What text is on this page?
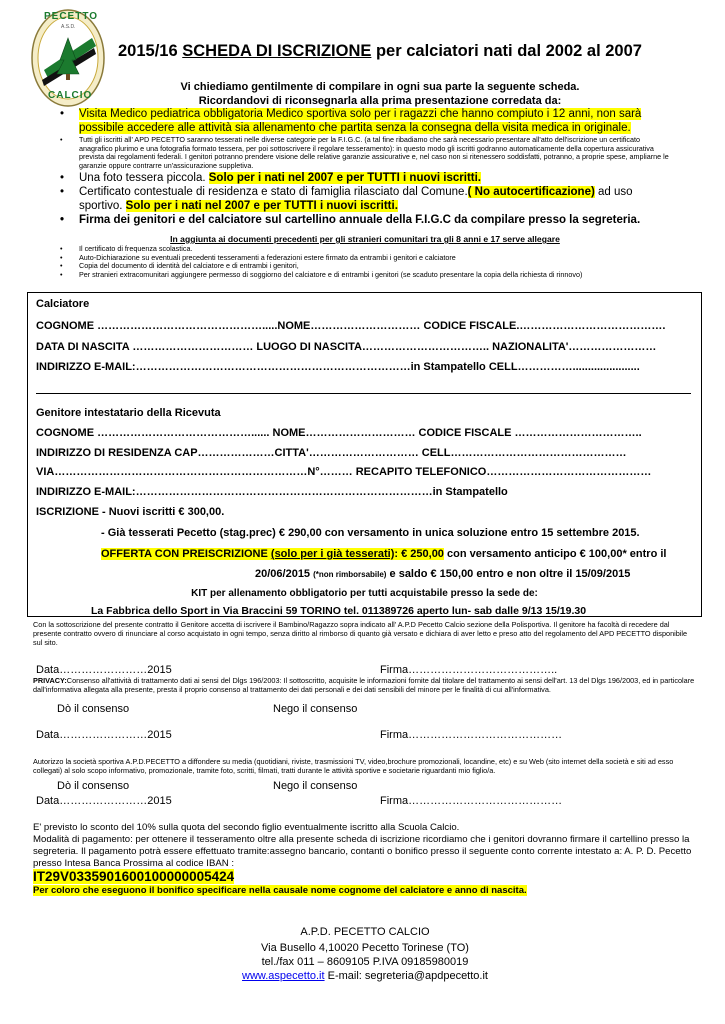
PECETTO
A.S.D.
CALCIO
2015/16 SCHEDA DI ISCRIZIONE per calciatori nati dal 2002 al 2007
Vi chiediamo gentilmente di compilare in ogni sua parte la seguente scheda.
Ricordandovi di riconsegnarla alla prima presentazione corredata da:
• Visita Medico pediatrica obbligatoria Medico sportiva solo per i ragazzi che hanno compiuto i 12 anni, non sarà possibile accedere alle attività sia allenamento che partita senza la consegna della visita medica in originale.
• Tutti gli iscritti all' APD PECETTO saranno tesserati nelle diverse categorie per la F.I.G.C. (a tal fine ribadiamo che sarà necessario presentare all'atto dell'iscrizione un certificato anagrafico plurimo e una fotografia formato tessera, per poi sottoscrivere il regolare tesseramento): in questo modo gli iscritti godranno automaticamente della copertura assicurativa prevista dai regolamenti federali. I genitori potranno prendere visione delle relative garanzie assicurative e, nel caso non si ritenessero soddisfatti, potranno, a proprie spese, ampliarne le garanzie oppure contrarre un'assicurazione suppletiva.
• Una foto tessera piccola. Solo per i nati nel 2007 e per TUTTI i nuovi iscritti.
• Certificato contestuale di residenza e stato di famiglia rilasciato dal Comune.( No autocertificazione) ad uso sportivo. Solo per i nati nel 2007 e per TUTTI i nuovi iscritti.
• Firma dei genitori e del calciatore sul cartellino annuale della F.I.G.C da compilare presso la segreteria.
In aggiunta ai documenti precedenti per gli stranieri comunitari tra gli 8 anni e 17 serve allegare
• Il certificato di frequenza scolastica.
• Auto-Dichiarazione su eventuali precedenti tesseramenti a federazioni estere firmato da entrambi i genitori e calciatore
• Copia del documento di identità del calciatore e di entrambi i genitori,
• Per stranieri extracomunitari aggiungere permesso di soggiorno del calciatore e di entrambi i genitori (se scaduto presentare la copia della richiesta di rinnovo)
Calciatore
COGNOME ……………………………………….....NOME………………………… CODICE FISCALE.………………………………….
DATA DI NASCITA …………………………… LUOGO DI NASCITA…………………………….. NAZIONALITA'……………………
INDIRIZZO E-MAIL:…………………………………………………………………in Stampatello CELL……………......................
Genitore intestatario della Ricevuta
COGNOME ……………………………………...... NOME………………………… CODICE FISCALE ……………………………..
INDIRIZZO DI RESIDENZA CAP…………………CITTA'………………………… CELL…………………………………………
VIA……………………………………………………………N°……… RECAPITO TELEFONICO………………………………………
INDIRIZZO E-MAIL:………………………………………………………………………in Stampatello
ISCRIZIONE - Nuovi iscritti € 300,00.
- Già tesserati Pecetto (stag.prec) € 290,00 con versamento in unica soluzione entro 15 settembre 2015.
OFFERTA CON PREISCRIZIONE (solo per i già tesserati): € 250,00 con versamento anticipo € 100,00* entro il
20/06/2015 (*non rimborsabile) e saldo € 150,00 entro e non oltre il 15/09/2015
KIT per allenamento obbligatorio per tutti acquistabile presso la sede de:
La Fabbrica dello Sport in Via Braccini 59 TORINO tel. 011389726 aperto lun- sab dalle 9/13 15/19.30
Con la sottoscrizione del presente contratto il Genitore accetta di iscrivere il Bambino/Ragazzo sopra indicato all' A.P.D Pecetto Calcio sezione della Polisportiva. Il genitore ha facoltà di recedere dal presente contratto ovvero di rinunciare al corso acquistato in ogni tempo, senza diritto al rimborso di quanto già versato e dichiara di aver letto e preso atto del regolamento del APD PECETTO disponibile sul sito.
Data……………………2015	Firma…………………………………..
PRIVACY:Consenso all'attività di trattamento dati ai sensi del Dlgs 196/2003: Il sottoscritto, acquisite le informazioni fornite dal titolare del trattamento ai sensi dell'art. 13 del Dlgs 196/2003, ed in particolare dall'informativa allegata alla presente, presta il proprio consenso al trattamento dei dati personali e dei dati sensibili del minore per le finalità di cui all'informativa.
Dò il consenso	Nego il consenso
Data……………………2015	Firma……………………………………
Autorizzo la società sportiva A.P.D.PECETTO a diffondere su media (quotidiani, riviste, trasmissioni TV, video,brochure promozionali, locandine, etc) e su Web (sito internet della società e siti ad esso collegati) al solo scopo informativo, promozionale, tramite foto, scritti, filmati, tratti durante le attività sportive e societarie riguardanti mio figlio/a.
Dò il consenso	Nego il consenso
Data……………………2015	Firma……………………………………
E' previsto lo sconto del 10% sulla quota del secondo figlio eventualmente iscritto alla Scuola Calcio.
Modalità di pagamento: per ottenere il tesseramento oltre alla presente scheda di iscrizione ricordiamo che i genitori dovranno firmare il cartellino presso la segreteria. Il pagamento potrà essere effettuato tramite:assegno bancario, contanti o bonifico presso il seguente conto corrente intestato a: A. P. D. Pecetto presso Intesa Banca Prossima al codice IBAN :
IT29V0335901600100000005424
Per coloro che eseguono il bonifico specificare nella causale nome cognome del calciatore e anno di nascita.
A.P.D. PECETTO CALCIO
Via Busello 4,10020 Pecetto Torinese (TO)
tel./fax 011 – 8609105 P.IVA 09185980019
www.aspecetto.it E-mail: segreteria@apdpecetto.it
